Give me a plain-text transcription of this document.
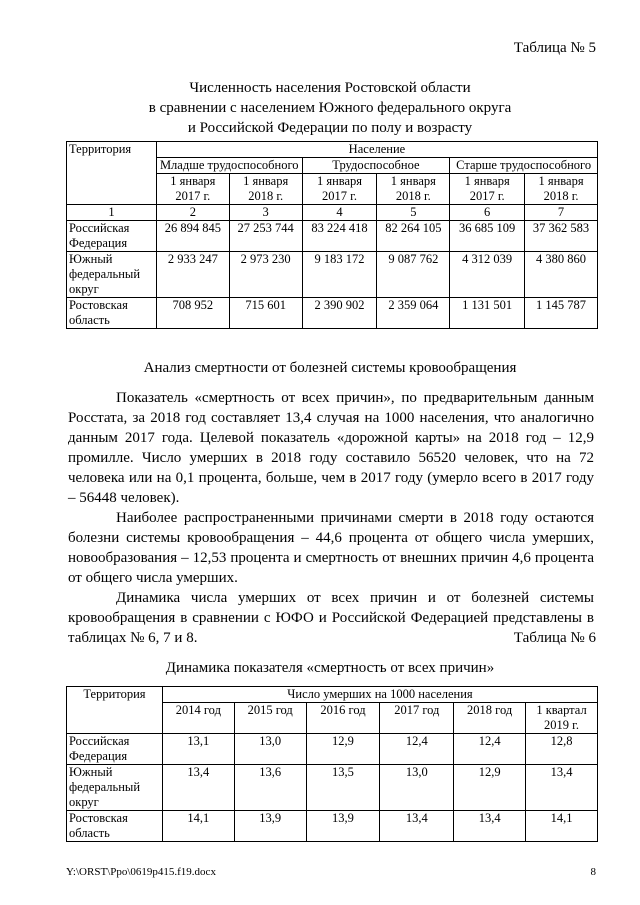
Таблица № 5
Численность населения Ростовской области
в сравнении с населением Южного федерального округа
и Российской Федерации по полу и возрасту
Территория	Население					
	Младше трудоспособного		Трудоспособное		Старше трудоспособного	
	1 января 2017 г.	1 января 2018 г.	1 января 2017 г.	1 января 2018 г.	1 января 2017 г.	1 января 2018 г.
1	2	3	4	5	6	7
Российская Федерация	26 894 845	27 253 744	83 224 418	82 264 105	36 685 109	37 362 583
Южный федеральный округ	2 933 247	2 973 230	9 183 172	9 087 762	4 312 039	4 380 860
Ростовская область	708 952	715 601	2 390 902	2 359 064	1 131 501	1 145 787
Анализ смертности от болезней системы кровообращения

Показатель «смертность от всех причин», по предварительным данным Росстата, за 2018 год составляет 13,4 случая на 1000 населения, что аналогично данным 2017 года. Целевой показатель «дорожной карты» на 2018 год – 12,9 промилле. Число умерших в 2018 году составило 56520 человек, что на 72 человека или на 0,1 процента, больше, чем в 2017 году (умерло всего в 2017 году – 56448 человек).

Наиболее распространенными причинами смерти в 2018 году остаются болезни системы кровообращения – 44,6 процента от общего числа умерших, новообразования – 12,53 процента и смертность от внешних причин 4,6 процента от общего числа умерших.

Динамика числа умерших от всех причин и от болезней системы кровообращения в сравнении с ЮФО и Российской Федерацией представлены в таблицах № 6, 7 и 8.	Таблица № 6
Динамика показателя «смертность от всех причин»
Территория	Число умерших на 1000 населения					
	2014 год	2015 год	2016 год	2017 год	2018 год	1 квартал 2019 г.
Российская Федерация	13,1	13,0	12,9	12,4	12,4	12,8
Южный федеральный округ	13,4	13,6	13,5	13,0	12,9	13,4
Ростовская область	14,1	13,9	13,9	13,4	13,4	14,1
Y:\ORST\Ppo\0619p415.f19.docx	8
